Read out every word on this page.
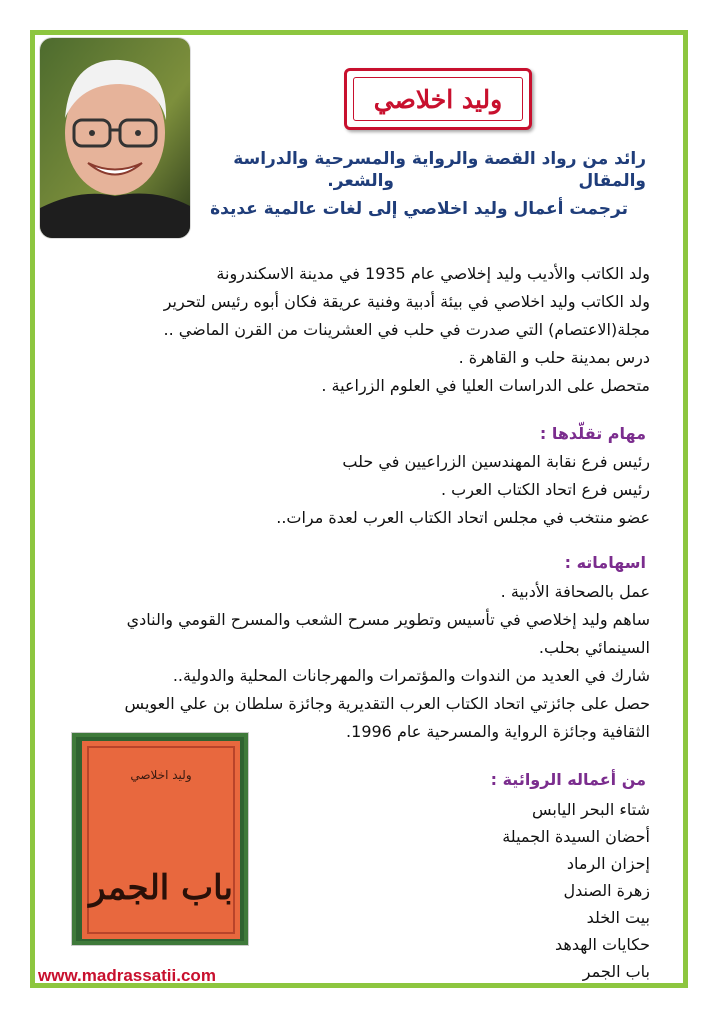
وليد اخلاصي
رائد من رواد القصة والرواية والمسرحية والدراسة والمقال
والشعر.
ترجمت أعمال وليد اخلاصي إلى لغات عالمية عديدة
ولد الكاتب والأديب وليد إخلاصي عام 1935 في مدينة الاسكندرونة
ولد الكاتب وليد اخلاصي في بيئة أدبية وفنية عريقة فكان أبوه رئيس لتحرير
مجلة(الاعتصام) التي صدرت في حلب في العشرينات من القرن الماضي ..
درس بمدينة حلب و القاهرة .
متحصل على الدراسات العليا في العلوم الزراعية .
مهام تقلّدها :
رئيس فرع نقابة المهندسين الزراعيين في حلب
رئيس فرع اتحاد الكتاب العرب .
عضو منتخب في مجلس اتحاد الكتاب العرب لعدة مرات..
اسهاماته :
عمل بالصحافة الأدبية .
ساهم وليد إخلاصي في تأسيس وتطوير مسرح الشعب والمسرح القومي والنادي
السينمائي بحلب.
شارك في العديد من الندوات والمؤتمرات والمهرجانات المحلية والدولية..
حصل على جائزتي اتحاد الكتاب العرب التقديرية وجائزة سلطان بن علي العويس
الثقافية وجائزة الرواية والمسرحية عام 1996.
وليد اخلاصي
باب الجمر
من أعماله الروائية :
شتاء البحر اليابس
أحضان السيدة الجميلة
إحزان الرماد
زهرة الصندل
بيت الخلد
حكايات الهدهد
باب الجمر
www.madrassatii.com
